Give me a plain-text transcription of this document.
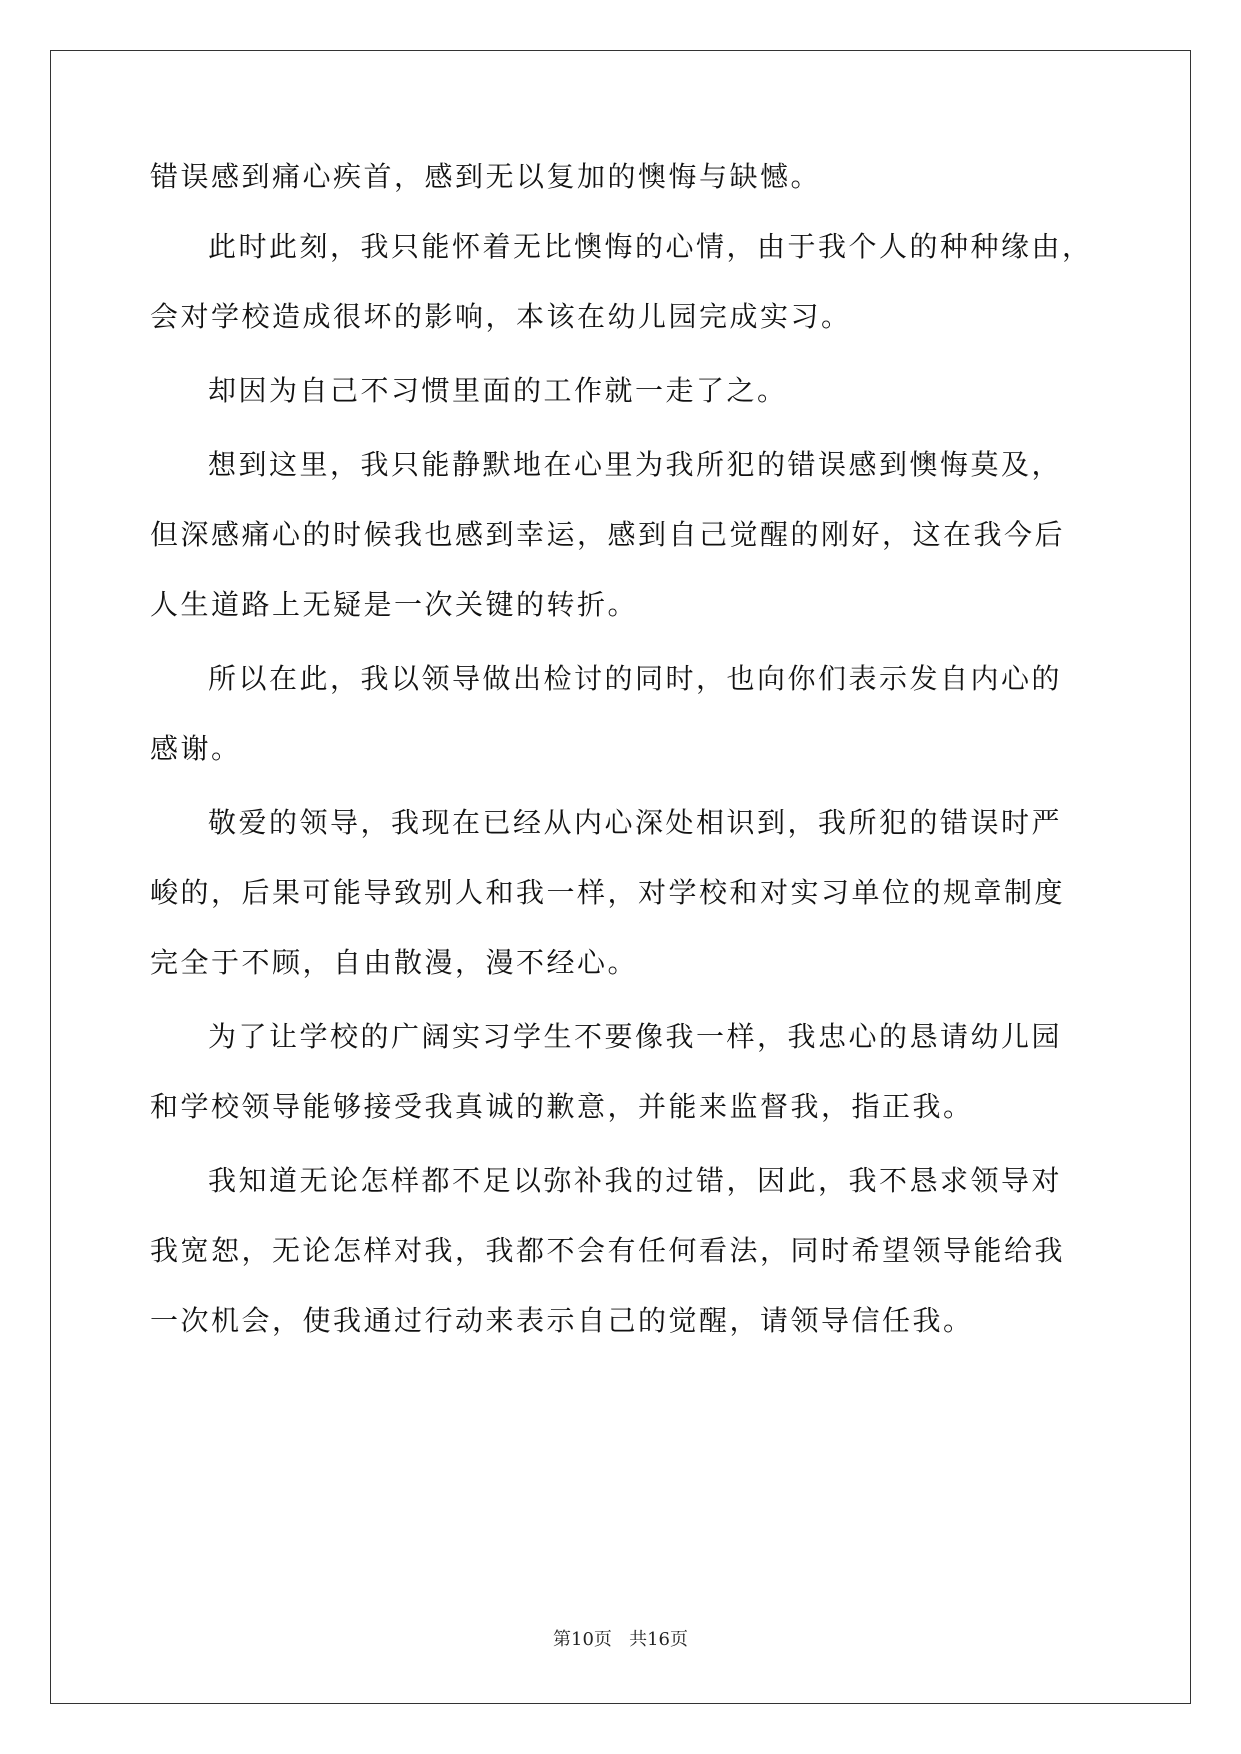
错误感到痛心疾首，感到无以复加的懊悔与缺憾。
此时此刻，我只能怀着无比懊悔的心情，由于我个人的种种缘由，
会对学校造成很坏的影响，本该在幼儿园完成实习。
却因为自己不习惯里面的工作就一走了之。
想到这里，我只能静默地在心里为我所犯的错误感到懊悔莫及，
但深感痛心的时候我也感到幸运，感到自己觉醒的刚好，这在我今后
人生道路上无疑是一次关键的转折。
所以在此，我以领导做出检讨的同时，也向你们表示发自内心的
感谢。
敬爱的领导，我现在已经从内心深处相识到，我所犯的错误时严
峻的，后果可能导致别人和我一样，对学校和对实习单位的规章制度
完全于不顾，自由散漫，漫不经心。
为了让学校的广阔实习学生不要像我一样，我忠心的恳请幼儿园
和学校领导能够接受我真诚的歉意，并能来监督我，指正我。
我知道无论怎样都不足以弥补我的过错，因此，我不恳求领导对
我宽恕，无论怎样对我，我都不会有任何看法，同时希望领导能给我
一次机会，使我通过行动来表示自己的觉醒，请领导信任我。
第10页 共16页
